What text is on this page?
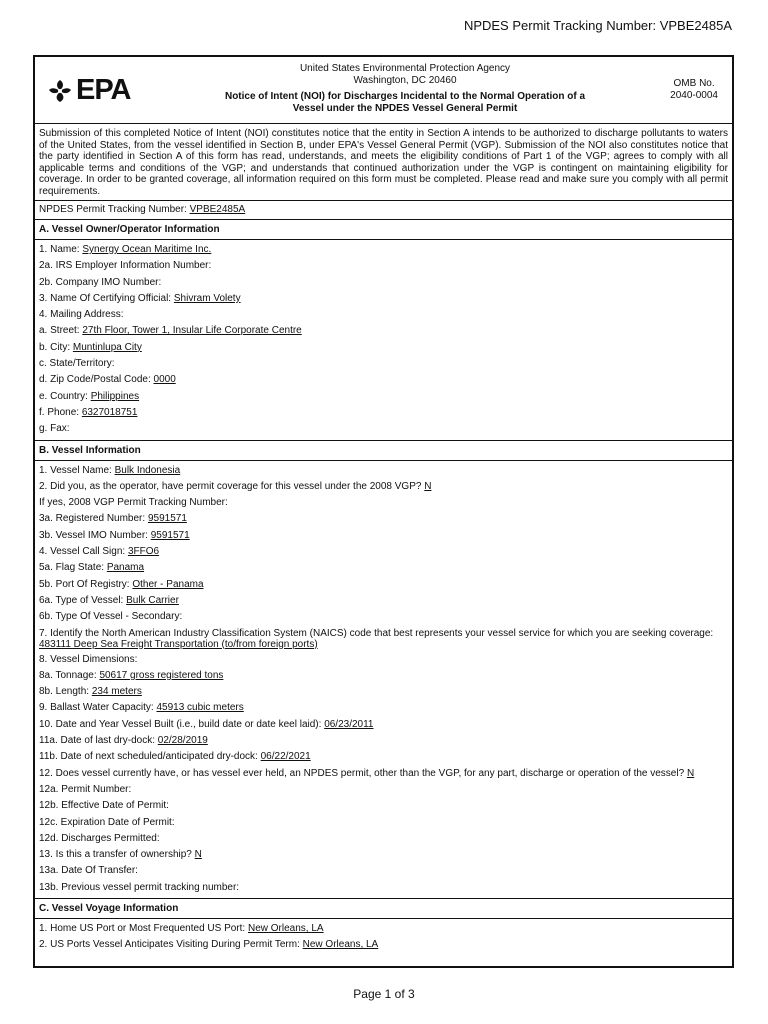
NPDES Permit Tracking Number: VPBE2485A
EPA
United States Environmental Protection Agency
Washington, DC 20460
Notice of Intent (NOI) for Discharges Incidental to the Normal Operation of a
Vessel under the NPDES Vessel General Permit
OMB No.
2040-0004
Submission of this completed Notice of Intent (NOI) constitutes notice that the entity in Section A intends to be authorized to discharge pollutants to waters of the United States, from the vessel identified in Section B, under EPA's Vessel General Permit (VGP). Submission of the NOI also constitutes notice that the party identified in Section A of this form has read, understands, and meets the eligibility conditions of Part 1 of the VGP; agrees to comply with all applicable terms and conditions of the VGP; and understands that continued authorization under the VGP is contingent on maintaining eligibility for coverage. In order to be granted coverage, all information required on this form must be completed. Please read and make sure you comply with all permit requirements.
NPDES Permit Tracking Number: VPBE2485A
A. Vessel Owner/Operator Information
1. Name: Synergy Ocean Maritime Inc.
2a. IRS Employer Information Number:
2b. Company IMO Number:
3. Name Of Certifying Official: Shivram Volety
4. Mailing Address:
a. Street: 27th Floor, Tower 1, Insular Life Corporate Centre
b. City: Muntinlupa City
c. State/Territory:
d. Zip Code/Postal Code: 0000
e. Country: Philippines
f. Phone: 6327018751
g. Fax:
B. Vessel Information
1. Vessel Name: Bulk Indonesia
2. Did you, as the operator, have permit coverage for this vessel under the 2008 VGP? N
If yes, 2008 VGP Permit Tracking Number:
3a. Registered Number: 9591571
3b. Vessel IMO Number: 9591571
4. Vessel Call Sign: 3FFO6
5a. Flag State: Panama
5b. Port Of Registry: Other - Panama
6a. Type of Vessel: Bulk Carrier
6b. Type Of Vessel - Secondary:
7. Identify the North American Industry Classification System (NAICS) code that best represents your vessel service for which you are seeking coverage:
483111 Deep Sea Freight Transportation (to/from foreign ports)
8. Vessel Dimensions:
8a. Tonnage: 50617 gross registered tons
8b. Length: 234 meters
9. Ballast Water Capacity: 45913 cubic meters
10. Date and Year Vessel Built (i.e., build date or date keel laid): 06/23/2011
11a. Date of last dry-dock: 02/28/2019
11b. Date of next scheduled/anticipated dry-dock: 06/22/2021
12. Does vessel currently have, or has vessel ever held, an NPDES permit, other than the VGP, for any part, discharge or operation of the vessel? N
12a. Permit Number:
12b. Effective Date of Permit:
12c. Expiration Date of Permit:
12d. Discharges Permitted:
13. Is this a transfer of ownership? N
13a. Date Of Transfer:
13b. Previous vessel permit tracking number:
C. Vessel Voyage Information
1. Home US Port or Most Frequented US Port: New Orleans, LA
2. US Ports Vessel Anticipates Visiting During Permit Term: New Orleans, LA
Page 1 of 3
